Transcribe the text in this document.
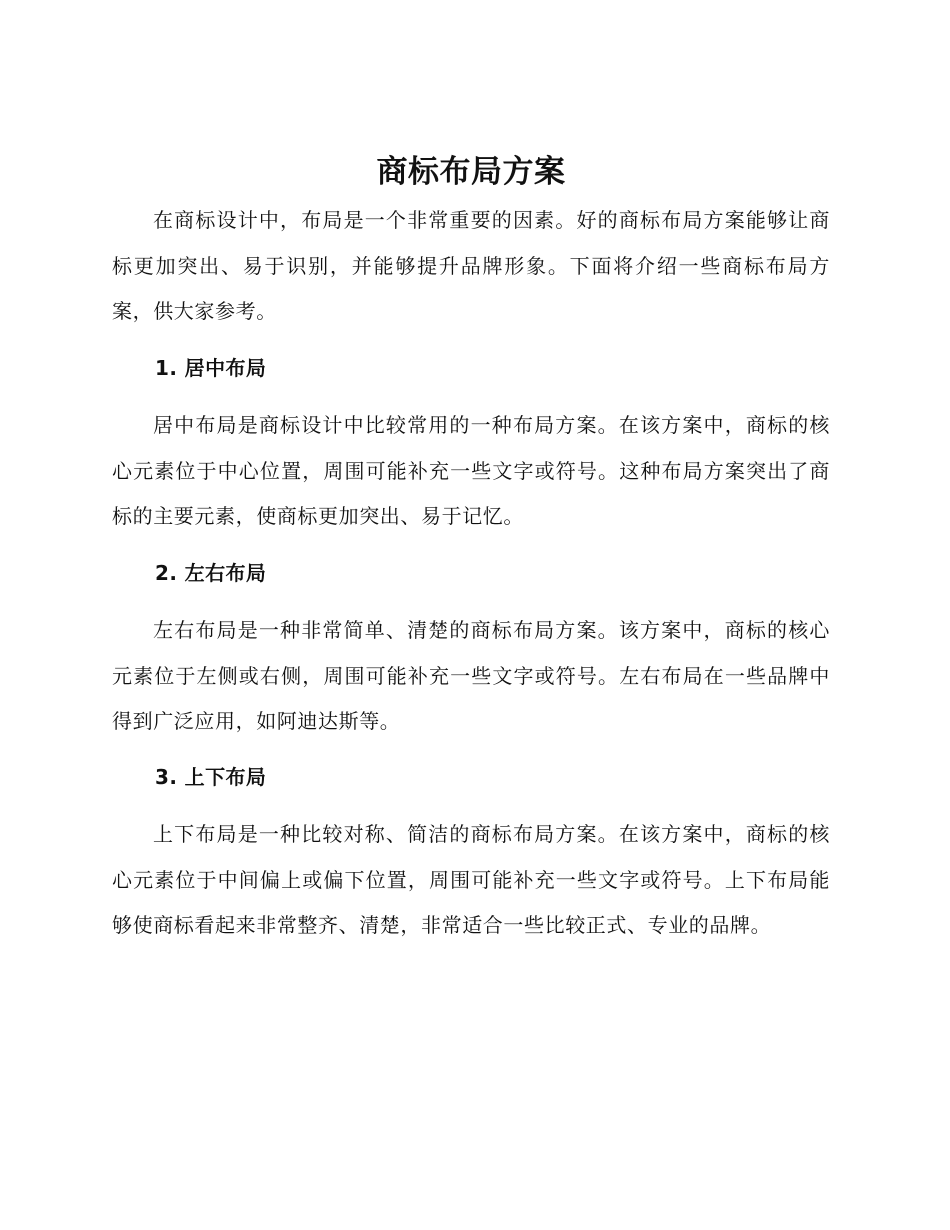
商标布局方案

在商标设计中，布局是一个非常重要的因素。好的商标布局方案能够让商标更加突出、易于识别，并能够提升品牌形象。下面将介绍一些商标布局方案，供大家参考。

1. 居中布局

居中布局是商标设计中比较常用的一种布局方案。在该方案中，商标的核心元素位于中心位置，周围可能补充一些文字或符号。这种布局方案突出了商标的主要元素，使商标更加突出、易于记忆。

2. 左右布局

左右布局是一种非常简单、清楚的商标布局方案。该方案中，商标的核心元素位于左侧或右侧，周围可能补充一些文字或符号。左右布局在一些品牌中得到广泛应用，如阿迪达斯等。

3. 上下布局

上下布局是一种比较对称、简洁的商标布局方案。在该方案中，商标的核心元素位于中间偏上或偏下位置，周围可能补充一些文字或符号。上下布局能够使商标看起来非常整齐、清楚，非常适合一些比较正式、专业的品牌。
